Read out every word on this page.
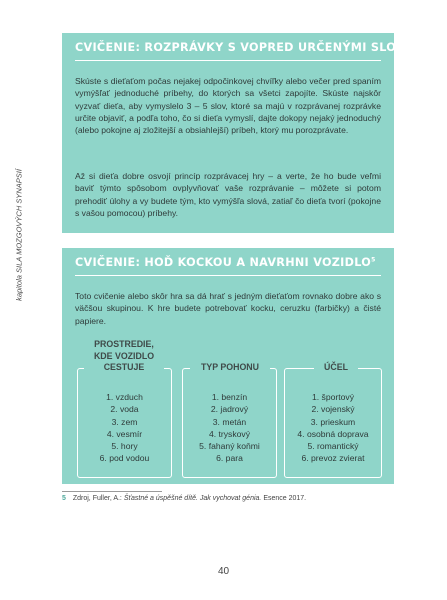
kapitola SILA MOZGOVÝCH SYNAPSIÍ
CVIČENIE: ROZPRÁVKY S VOPRED URČENÝMI SLOVAMI

Skúste s dieťaťom počas nejakej odpočinkovej chvíľky alebo večer pred spaním vymýšľať jednoduché príbehy, do ktorých sa všetci zapojíte. Skúste najskôr vyzvať dieťa, aby vymyslelo 3 – 5 slov, ktoré sa majú v rozprávanej rozprávke určite objaviť, a podľa toho, čo si dieťa vymyslí, dajte dokopy nejaký jednoduchý (alebo pokojne aj zložitejší a obsiahlejší) príbeh, ktorý mu porozprávate.

Až si dieťa dobre osvojí princíp rozprávacej hry – a verte, že ho bude veľmi baviť týmto spôsobom ovplyvňovať vaše rozprávanie – môžete si potom prehodiť úlohy a vy budete tým, kto vymýšľa slová, zatiaľ čo dieťa tvorí (pokojne s vašou pomocou) príbehy.

CVIČENIE: HOĎ KOCKOU A NAVRHNI VOZIDLO$^5$

Toto cvičenie alebo skôr hra sa dá hrať s jedným dieťaťom rovnako dobre ako s väčšou skupinou. K hre budete potrebovať kocku, ceruzku (farbičky) a čisté papiere.

PROSTREDIE,
KDE VOZIDLO
CESTUJE
1. vzduch
2. voda
3. zem
4. vesmír
5. hory
6. pod vodou
TYP POHONU
1. benzín
2. jadrový
3. metán
4. tryskový
5. fahaný koňmi
6. para
ÚČEL
1. športový
2. vojenský
3. prieskum
4. osobná doprava
5. romantický
6. prevoz zvierat
5 Zdroj, Fuller, A.: Šťastné a úspěšné dítě. Jak vychovat génia. Esence 2017.
40
